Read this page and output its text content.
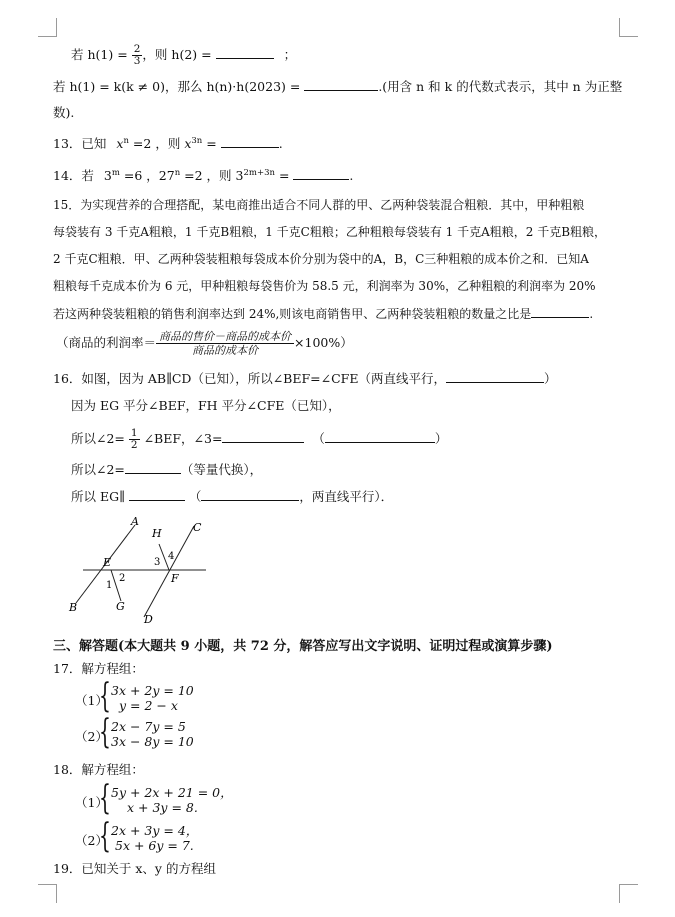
若 $h(1) = \frac{2}{3}$ ，则 h(2) =	；
若 h(1) = k(k ≠ 0)，那么 h(n)·h(2023) =	.(用含 n 和 k 的代数式表示，其中 n 为正整
数).
13．已知 $x^n =2$ ，则 $x^{3n}$ =	.
14．若 $3^m =6$ ，$27^n =2$ ，则 $3^{2m+3n}$ =	.
15．为实现营养的合理搭配，某电商推出适合不同人群的甲、乙两种袋装混合粗粮．其中，甲种粗粮
每袋装有 3 千克A粗粮，1 千克B粗粮，1 千克C粗粮；乙种粗粮每袋装有 1 千克A粗粮，2 千克B粗粮，
2 千克C粗粮．甲、乙两种袋装粗粮每袋成本价分别为袋中的A，B，C三种粗粮的成本价之和．已知A
粗粮每千克成本价为 6 元，甲种粗粮每袋售价为 58.5 元，利润率为 30%，乙种粗粮的利润率为 20%
若这两种袋装粗粮的销售利润率达到 24%,则该电商销售甲、乙两种袋装粗粮的数量之比是	.
（商品的利润率＝ $\frac{\text{商品的售价－商品的成本价}}{\text{商品的成本价}} \times 100\%$）
16．如图，因为 AB∥CD（已知），所以∠BEF=∠CFE（两直线平行，	）
因为 EG 平分∠BEF，FH 平分∠CFE（已知），
所以∠2= $\frac{1}{2}$ ∠BEF，∠3=	（	）
所以∠2=	（等量代换），
所以 EG∥	（	，两直线平行）．
A
B
C
D
E
F
G
H
1
2
3
4
三、解答题(本大题共 9 小题，共 72 分，解答应写出文字说明、证明过程或演算步骤)
17．解方程组：
（1）
{ 3x + 2y = 10
y = 2 − x
（2）
{ 2x − 7y = 5
3x − 8y = 10
18．解方程组：
（1）
{ 5y + 2x + 21 = 0，
x + 3y = 8.
（2）
{ 2x + 3y = 4，
5x + 6y = 7.
19．已知关于 x、y 的方程组
